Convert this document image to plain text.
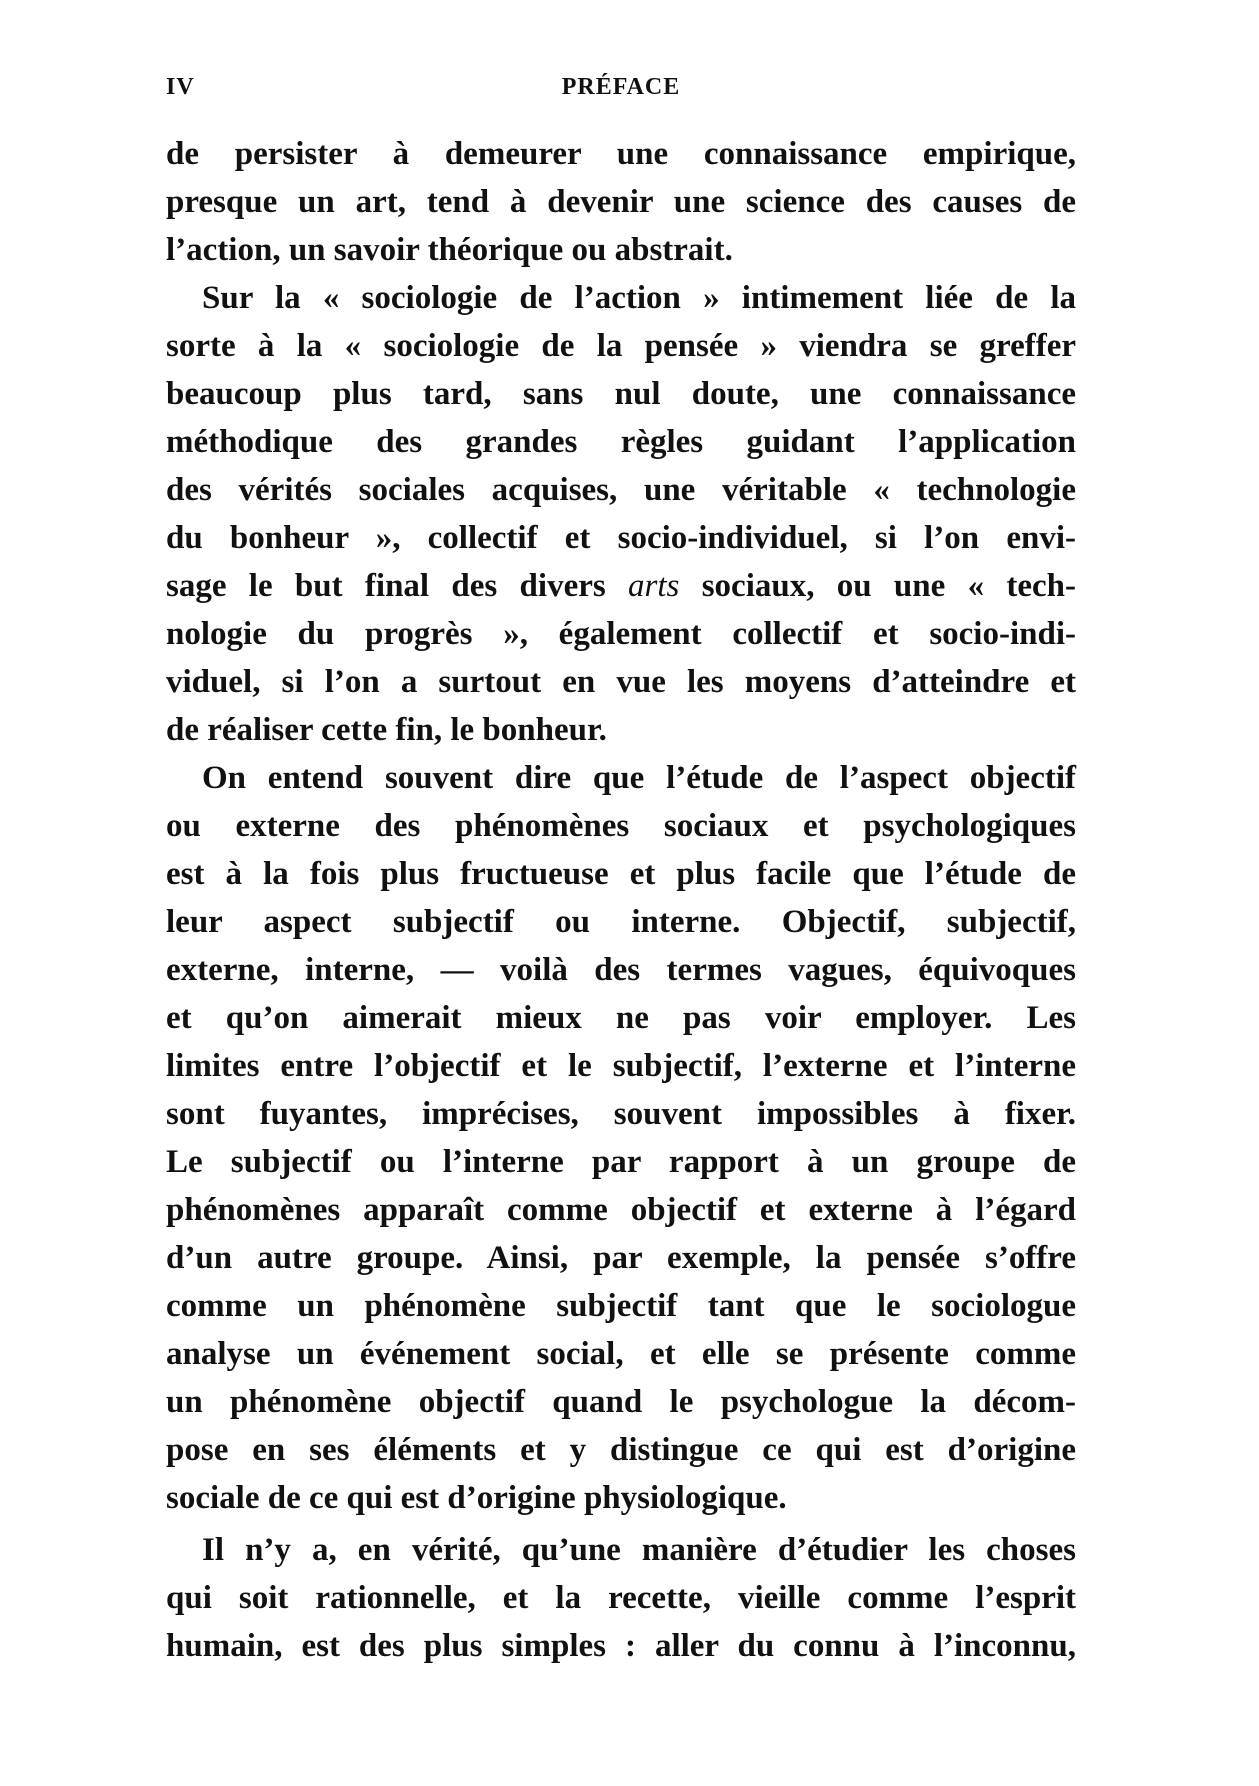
IV	PRÉFACE
de persister à demeurer une connaissance empirique,
presque un art, tend à devenir une science des causes de
l’action, un savoir théorique ou abstrait.
Sur la « sociologie de l’action » intimement liée de la
sorte à la « sociologie de la pensée » viendra se greffer
beaucoup plus tard, sans nul doute, une connaissance
méthodique des grandes règles guidant l’application
des vérités sociales acquises, une véritable « technologie
du bonheur », collectif et socio-individuel, si l’on envi-
sage le but final des divers arts sociaux, ou une « tech-
nologie du progrès », également collectif et socio-indi-
viduel, si l’on a surtout en vue les moyens d’atteindre et
de réaliser cette fin, le bonheur.
On entend souvent dire que l’étude de l’aspect objectif
ou externe des phénomènes sociaux et psychologiques
est à la fois plus fructueuse et plus facile que l’étude de
leur aspect subjectif ou interne. Objectif, subjectif,
externe, interne, — voilà des termes vagues, équivoques
et qu’on aimerait mieux ne pas voir employer. Les
limites entre l’objectif et le subjectif, l’externe et l’interne
sont fuyantes, imprécises, souvent impossibles à fixer.
Le subjectif ou l’interne par rapport à un groupe de
phénomènes apparaît comme objectif et externe à l’égard
d’un autre groupe. Ainsi, par exemple, la pensée s’offre
comme un phénomène subjectif tant que le sociologue
analyse un événement social, et elle se présente comme
un phénomène objectif quand le psychologue la décom-
pose en ses éléments et y distingue ce qui est d’origine
sociale de ce qui est d’origine physiologique.
Il n’y a, en vérité, qu’une manière d’étudier les choses
qui soit rationnelle, et la recette, vieille comme l’esprit
humain, est des plus simples : aller du connu à l’inconnu,
